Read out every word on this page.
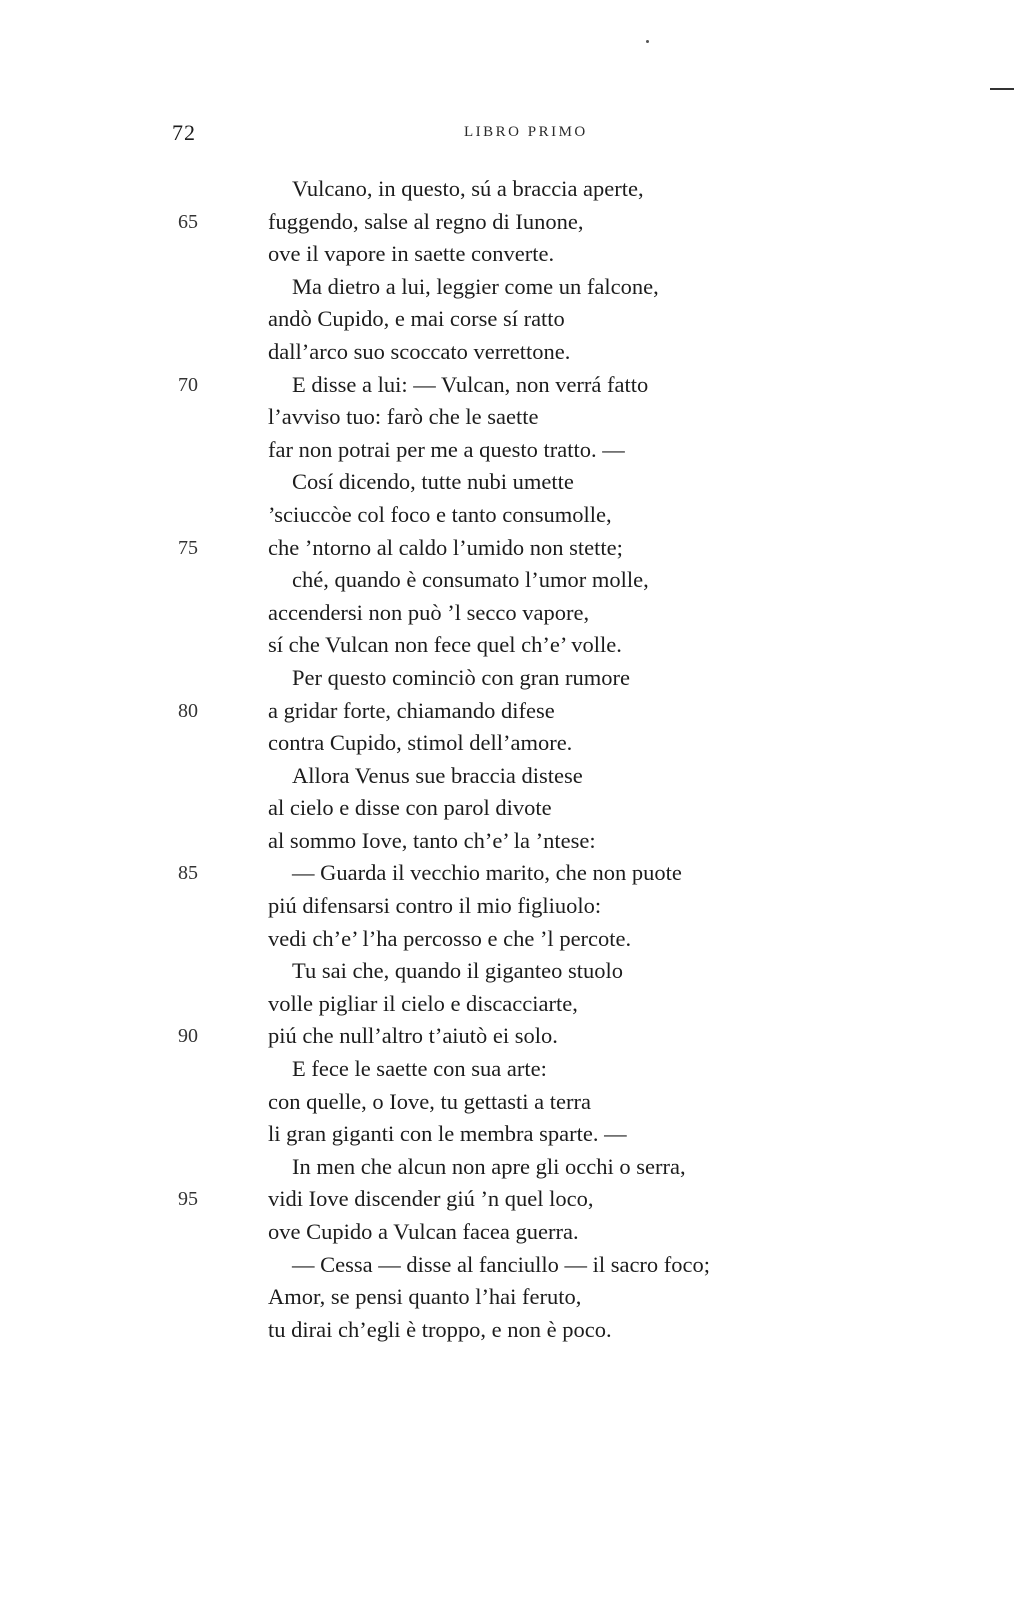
72	LIBRO PRIMO
Vulcano, in questo, sú a braccia aperte,
65	fuggendo, salse al regno di Iunone,
ove il vapore in saette converte.
Ma dietro a lui, leggier come un falcone,
andò Cupido, e mai corse sí ratto
dall’arco suo scoccato verrettone.
70	E disse a lui: — Vulcan, non verrá fatto
l’avviso tuo: farò che le saette
far non potrai per me a questo tratto. —
Cosí dicendo, tutte nubi umette
’sciuccòe col foco e tanto consumolle,
75	che ’ntorno al caldo l’umido non stette;
ché, quando è consumato l’umor molle,
accendersi non può ’l secco vapore,
sí che Vulcan non fece quel ch’e’ volle.
Per questo cominciò con gran rumore
80	a gridar forte, chiamando difese
contra Cupido, stimol dell’amore.
Allora Venus sue braccia distese
al cielo e disse con parol divote
al sommo Iove, tanto ch’e’ la ’ntese:
85	— Guarda il vecchio marito, che non puote
piú difensarsi contro il mio figliuolo:
vedi ch’e’ l’ha percosso e che ’l percote.
Tu sai che, quando il giganteo stuolo
volle pigliar il cielo e discacciarte,
90	piú che null’altro t’aiutò ei solo.
E fece le saette con sua arte:
con quelle, o Iove, tu gettasti a terra
li gran giganti con le membra sparte. —
In men che alcun non apre gli occhi o serra,
95	vidi Iove discender giú ’n quel loco,
ove Cupido a Vulcan facea guerra.
— Cessa — disse al fanciullo — il sacro foco;
Amor, se pensi quanto l’hai feruto,
tu dirai ch’egli è troppo, e non è poco.
